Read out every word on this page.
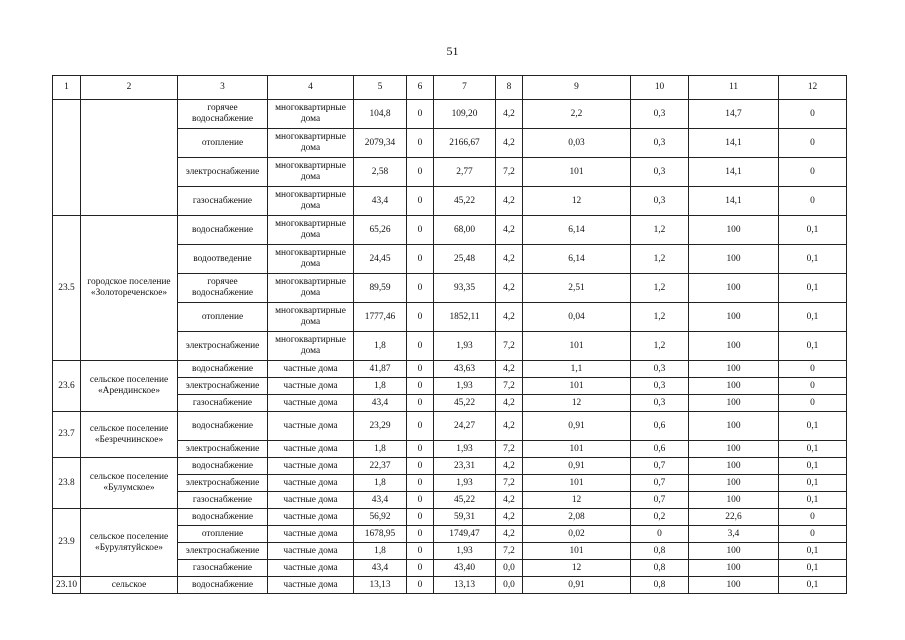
51
1	2	3	4	5	6	7	8	9	10	11	12
		горячее водоснабжение	многоквартирные дома	104,8	0	109,20	4,2	2,2	0,3	14,7	0
		отопление	многоквартирные дома	2079,34	0	2166,67	4,2	0,03	0,3	14,1	0
		электроснабжение	многоквартирные дома	2,58	0	2,77	7,2	101	0,3	14,1	0
		газоснабжение	многоквартирные дома	43,4	0	45,22	4,2	12	0,3	14,1	0
23.5	городское поселение «Золотореченское»	водоснабжение	многоквартирные дома	65,26	0	68,00	4,2	6,14	1,2	100	0,1
		водоотведение	многоквартирные дома	24,45	0	25,48	4,2	6,14	1,2	100	0,1
		горячее водоснабжение	многоквартирные дома	89,59	0	93,35	4,2	2,51	1,2	100	0,1
		отопление	многоквартирные дома	1777,46	0	1852,11	4,2	0,04	1,2	100	0,1
		электроснабжение	многоквартирные дома	1,8	0	1,93	7,2	101	1,2	100	0,1
23.6	сельское поселение «Арендинское»	водоснабжение	частные дома	41,87	0	43,63	4,2	1,1	0,3	100	0
		электроснабжение	частные дома	1,8	0	1,93	7,2	101	0,3	100	0
		газоснабжение	частные дома	43,4	0	45,22	4,2	12	0,3	100	0
23.7	сельское поселение «Безречнинское»	водоснабжение	частные дома	23,29	0	24,27	4,2	0,91	0,6	100	0,1
		электроснабжение	частные дома	1,8	0	1,93	7,2	101	0,6	100	0,1
23.8	сельское поселение «Булумское»	водоснабжение	частные дома	22,37	0	23,31	4,2	0,91	0,7	100	0,1
		электроснабжение	частные дома	1,8	0	1,93	7,2	101	0,7	100	0,1
		газоснабжение	частные дома	43,4	0	45,22	4,2	12	0,7	100	0,1
23.9	сельское поселение «Бурулятуйское»	водоснабжение	частные дома	56,92	0	59,31	4,2	2,08	0,2	22,6	0
		отопление	частные дома	1678,95	0	1749,47	4,2	0,02	0	3,4	0
		электроснабжение	частные дома	1,8	0	1,93	7,2	101	0,8	100	0,1
		газоснабжение	частные дома	43,4	0	43,40	0,0	12	0,8	100	0,1
23.10	сельское	водоснабжение	частные дома	13,13	0	13,13	0,0	0,91	0,8	100	0,1
